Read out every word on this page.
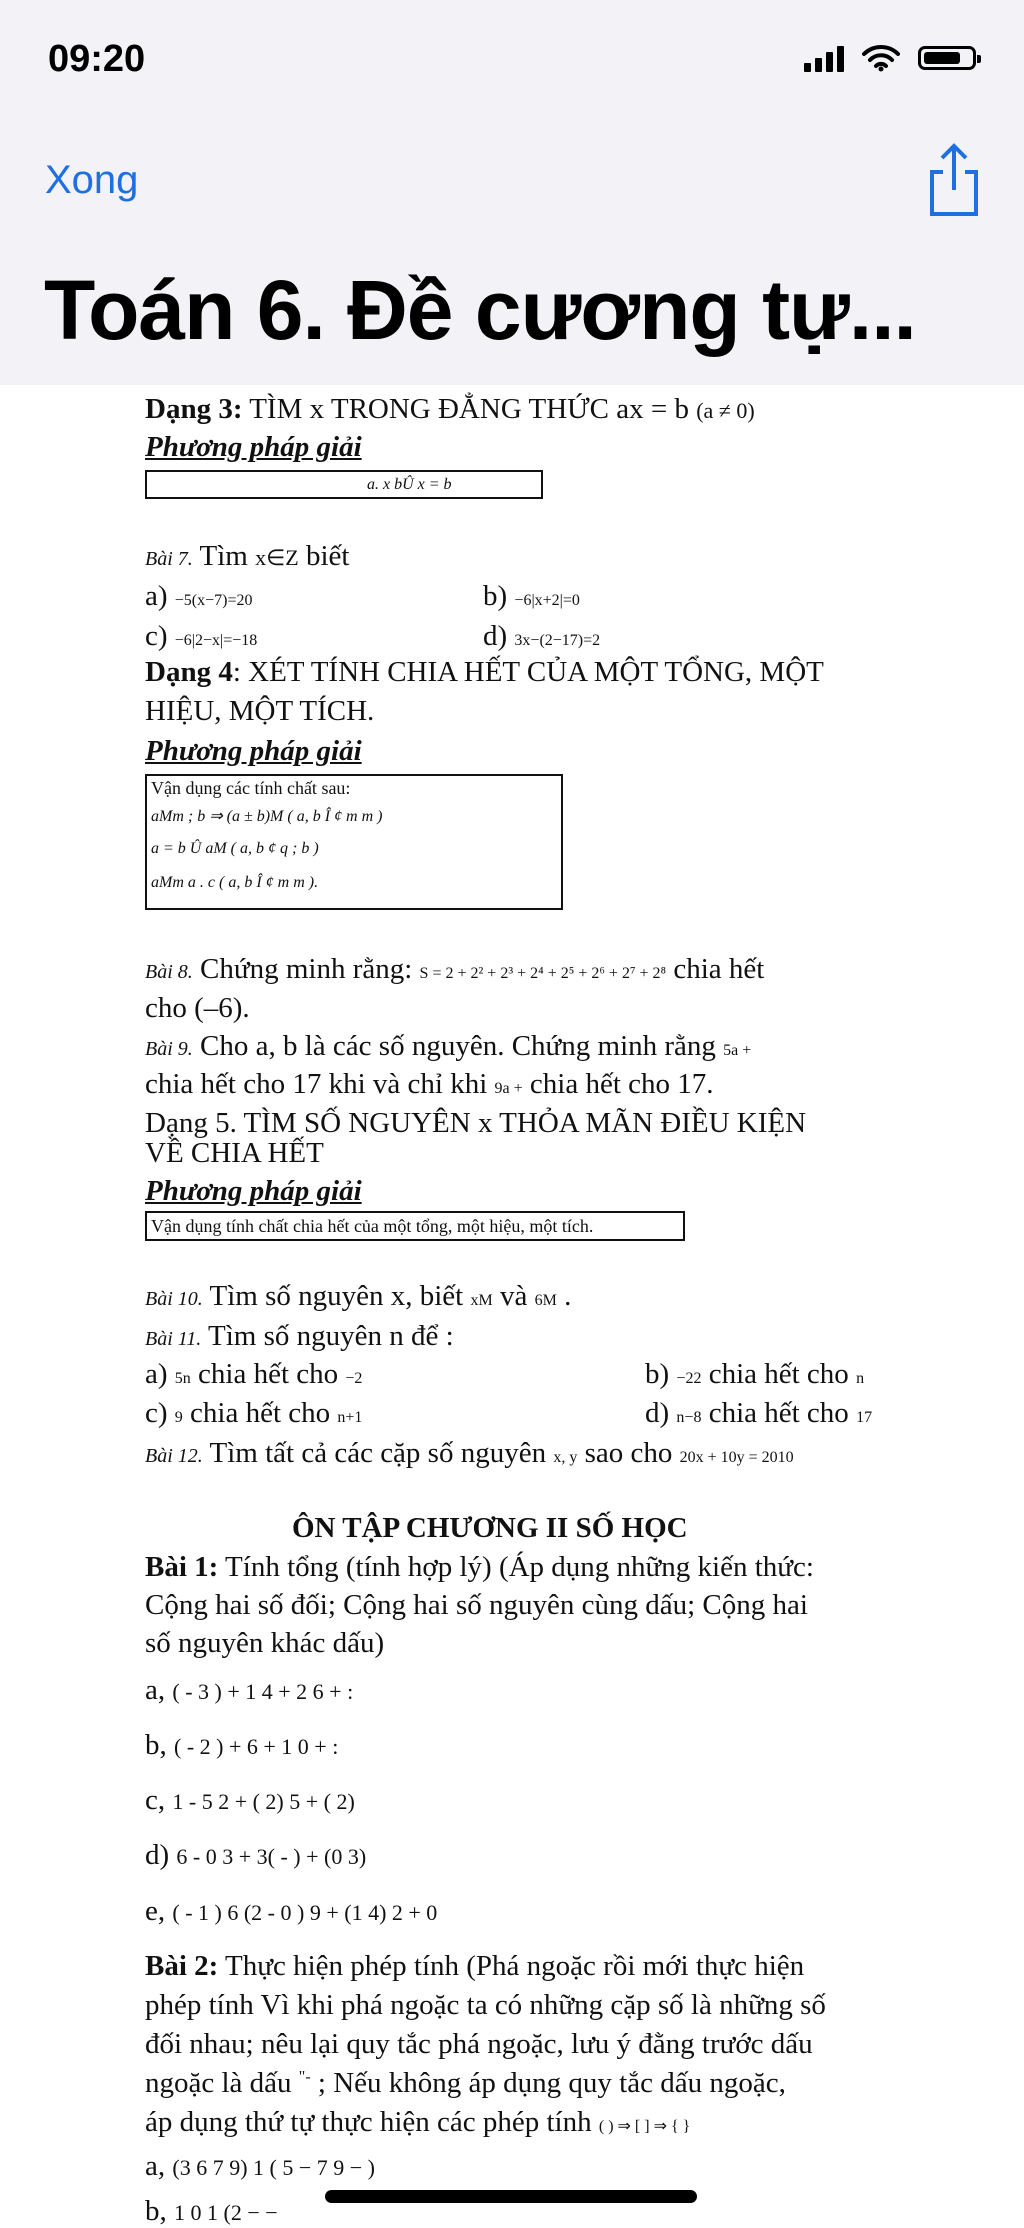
09:20
Xong
Toán 6. Đề cương tự...
Dạng 3: TÌM x TRONG ĐẲNG THỨC ax = b (a ≠ 0)
Phương pháp giải
a. x bÛ x = b
Bài 7. Tìm x∈Z biết
a) −5(x−7)=20	b) −6|x+2|=0
c) −6|2−x|=−18	d) 3x−(2−17)=2
Dạng 4: XÉT TÍNH CHIA HẾT CỦA MỘT TỔNG, MỘT
HIỆU, MỘT TÍCH.
Phương pháp giải
Vận dụng các tính chất sau:
aMm ; b ⇒ (a ± b)M ( a, b Î ¢ m m )
a = b Û aM ( a, b ¢ q ; b )
aMm a . c ( a, b Î ¢ m m ).
Bài 8. Chứng minh rằng: S = 2 + 2² + 2³ + 2⁴ + 2⁵ + 2⁶ + 2⁷ + 2⁸ chia hết
cho (–6).
Bài 9. Cho a, b là các số nguyên. Chứng minh rằng 5a +
chia hết cho 17 khi và chỉ khi 9a + chia hết cho 17.
Dạng 5. TÌM SỐ NGUYÊN x THỎA MÃN ĐIỀU KIỆN
VỀ CHIA HẾT
Phương pháp giải
Vận dụng tính chất chia hết của một tổng, một hiệu, một tích.
Bài 10. Tìm số nguyên x, biết xM và 6M .
Bài 11. Tìm số nguyên n để :
a) 5n chia hết cho −2	b) −22 chia hết cho n
c) 9 chia hết cho n+1	d) n−8 chia hết cho 17
Bài 12. Tìm tất cả các cặp số nguyên x, y sao cho 20x + 10y = 2010
ÔN TẬP CHƯƠNG II SỐ HỌC
Bài 1: Tính tổng (tính hợp lý) (Áp dụng những kiến thức:
Cộng hai số đối; Cộng hai số nguyên cùng dấu; Cộng hai
số nguyên khác dấu)
a, ( - 3 ) + 1 4 + 2 6 + :
b, ( - 2 ) + 6 + 1 0 + :
c, 1 - 5 2 + ( 2) 5 + ( 2)
d) 6 - 0 3 + 3( - ) + (0 3)
e, ( - 1 ) 6 (2 - 0 ) 9 + (1 4) 2 + 0
Bài 2: Thực hiện phép tính (Phá ngoặc rồi mới thực hiện
phép tính Vì khi phá ngoặc ta có những cặp số là những số
đối nhau; nêu lại quy tắc phá ngoặc, lưu ý đằng trước dấu
ngoặc là dấu "- ; Nếu không áp dụng quy tắc dấu ngoặc,
áp dụng thứ tự thực hiện các phép tính ( ) ⇒ [ ] ⇒ { }
a, (3 6 7 9) 1 ( 5 − 7 9 − )
b, 1 0 1 (2 − −
